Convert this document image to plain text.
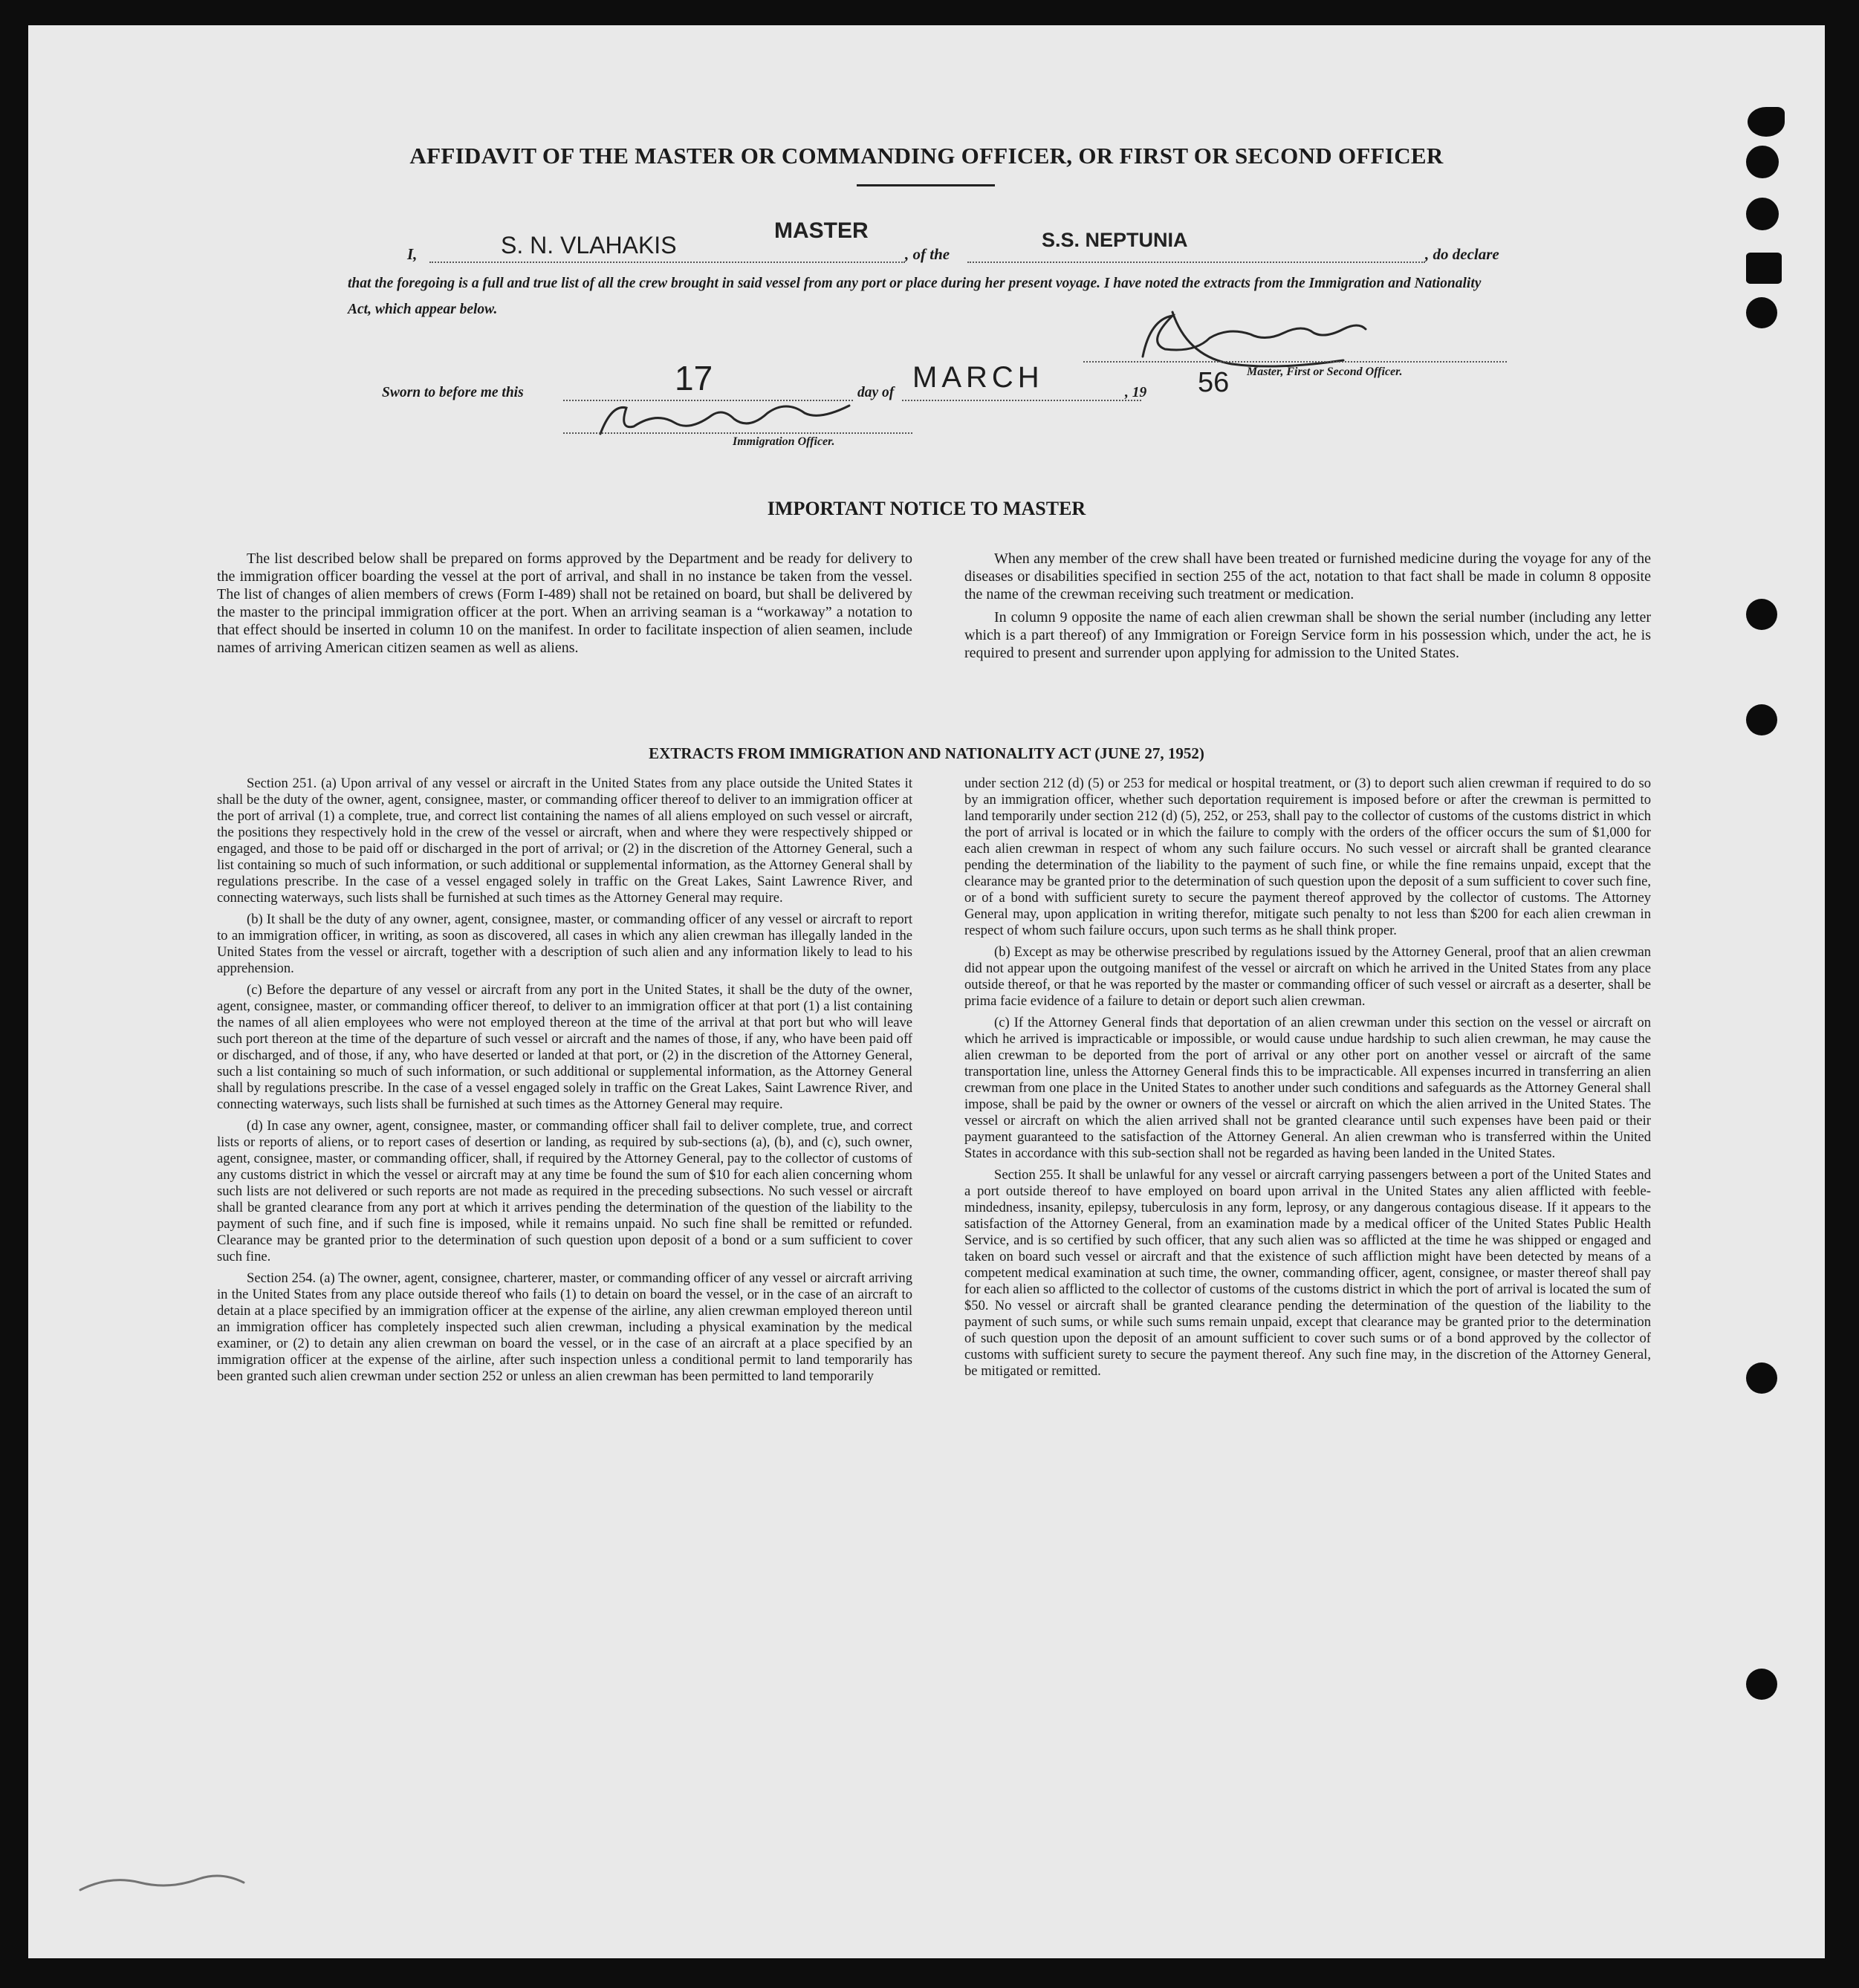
AFFIDAVIT OF THE MASTER OR COMMANDING OFFICER, OR FIRST OR SECOND OFFICER
I,	S. N. VLAHAKIS
MASTER
, of the
S.S. NEPTUNIA
, do declare
that the foregoing is a full and true list of all the crew brought in said vessel from any port or place during her present voyage. I have noted the extracts from the Immigration and Nationality Act, which appear below.
Master, First or Second Officer.
Sworn to before me this	17	day of MARCH	, 19 56
Immigration Officer.
IMPORTANT NOTICE TO MASTER

The list described below shall be prepared on forms approved by the Department and be ready for delivery to the immigration officer boarding the vessel at the port of arrival, and shall in no instance be taken from the vessel. The list of changes of alien members of crews (Form I-489) shall not be retained on board, but shall be delivered by the master to the principal immigration officer at the port. When an arriving seaman is a “workaway” a notation to that effect should be inserted in column 10 on the manifest. In order to facilitate inspection of alien seamen, include names of arriving American citizen seamen as well as aliens.

When any member of the crew shall have been treated or furnished medicine during the voyage for any of the diseases or disabilities specified in section 255 of the act, notation to that fact shall be made in column 8 opposite the name of the crewman receiving such treatment or medication.

In column 9 opposite the name of each alien crewman shall be shown the serial number (including any letter which is a part thereof) of any Immigration or Foreign Service form in his possession which, under the act, he is required to present and surrender upon applying for admission to the United States.

EXTRACTS FROM IMMIGRATION AND NATIONALITY ACT (JUNE 27, 1952)

Section 251. (a) Upon arrival of any vessel or aircraft in the United States from any place outside the United States it shall be the duty of the owner, agent, consignee, master, or commanding officer thereof to deliver to an immigration officer at the port of arrival (1) a complete, true, and correct list containing the names of all aliens employed on such vessel or aircraft, the positions they respectively hold in the crew of the vessel or aircraft, when and where they were respectively shipped or engaged, and those to be paid off or discharged in the port of arrival; or (2) in the discretion of the Attorney General, such a list containing so much of such information, or such additional or supplemental information, as the Attorney General shall by regulations prescribe. In the case of a vessel engaged solely in traffic on the Great Lakes, Saint Lawrence River, and connecting waterways, such lists shall be furnished at such times as the Attorney General may require.

(b) It shall be the duty of any owner, agent, consignee, master, or commanding officer of any vessel or aircraft to report to an immigration officer, in writing, as soon as discovered, all cases in which any alien crewman has illegally landed in the United States from the vessel or aircraft, together with a description of such alien and any information likely to lead to his apprehension.

(c) Before the departure of any vessel or aircraft from any port in the United States, it shall be the duty of the owner, agent, consignee, master, or commanding officer thereof, to deliver to an immigration officer at that port (1) a list containing the names of all alien employees who were not employed thereon at the time of the arrival at that port but who will leave such port thereon at the time of the departure of such vessel or aircraft and the names of those, if any, who have been paid off or discharged, and of those, if any, who have deserted or landed at that port, or (2) in the discretion of the Attorney General, such a list containing so much of such information, or such additional or supplemental information, as the Attorney General shall by regulations prescribe. In the case of a vessel engaged solely in traffic on the Great Lakes, Saint Lawrence River, and connecting waterways, such lists shall be furnished at such times as the Attorney General may require.

(d) In case any owner, agent, consignee, master, or commanding officer shall fail to deliver complete, true, and correct lists or reports of aliens, or to report cases of desertion or landing, as required by sub-sections (a), (b), and (c), such owner, agent, consignee, master, or commanding officer, shall, if required by the Attorney General, pay to the collector of customs of any customs district in which the vessel or aircraft may at any time be found the sum of $10 for each alien concerning whom such lists are not delivered or such reports are not made as required in the preceding subsections. No such vessel or aircraft shall be granted clearance from any port at which it arrives pending the determination of the question of the liability to the payment of such fine, and if such fine is imposed, while it remains unpaid. No such fine shall be remitted or refunded. Clearance may be granted prior to the determination of such question upon deposit of a bond or a sum sufficient to cover such fine.

Section 254. (a) The owner, agent, consignee, charterer, master, or commanding officer of any vessel or aircraft arriving in the United States from any place outside thereof who fails (1) to detain on board the vessel, or in the case of an aircraft to detain at a place specified by an immigration officer at the expense of the airline, any alien crewman employed thereon until an immigration officer has completely inspected such alien crewman, including a physical examination by the medical examiner, or (2) to detain any alien crewman on board the vessel, or in the case of an aircraft at a place specified by an immigration officer at the expense of the airline, after such inspection unless a conditional permit to land temporarily has been granted such alien crewman under section 252 or unless an alien crewman has been permitted to land temporarily

under section 212 (d) (5) or 253 for medical or hospital treatment, or (3) to deport such alien crewman if required to do so by an immigration officer, whether such deportation requirement is imposed before or after the crewman is permitted to land temporarily under section 212 (d) (5), 252, or 253, shall pay to the collector of customs of the customs district in which the port of arrival is located or in which the failure to comply with the orders of the officer occurs the sum of $1,000 for each alien crewman in respect of whom any such failure occurs. No such vessel or aircraft shall be granted clearance pending the determination of the liability to the payment of such fine, or while the fine remains unpaid, except that the clearance may be granted prior to the determination of such question upon the deposit of a sum sufficient to cover such fine, or of a bond with sufficient surety to secure the payment thereof approved by the collector of customs. The Attorney General may, upon application in writing therefor, mitigate such penalty to not less than $200 for each alien crewman in respect of whom such failure occurs, upon such terms as he shall think proper.

(b) Except as may be otherwise prescribed by regulations issued by the Attorney General, proof that an alien crewman did not appear upon the outgoing manifest of the vessel or aircraft on which he arrived in the United States from any place outside thereof, or that he was reported by the master or commanding officer of such vessel or aircraft as a deserter, shall be prima facie evidence of a failure to detain or deport such alien crewman.

(c) If the Attorney General finds that deportation of an alien crewman under this section on the vessel or aircraft on which he arrived is impracticable or impossible, or would cause undue hardship to such alien crewman, he may cause the alien crewman to be deported from the port of arrival or any other port on another vessel or aircraft of the same transportation line, unless the Attorney General finds this to be impracticable. All expenses incurred in transferring an alien crewman from one place in the United States to another under such conditions and safeguards as the Attorney General shall impose, shall be paid by the owner or owners of the vessel or aircraft on which the alien arrived in the United States. The vessel or aircraft on which the alien arrived shall not be granted clearance until such expenses have been paid or their payment guaranteed to the satisfaction of the Attorney General. An alien crewman who is transferred within the United States in accordance with this sub-section shall not be regarded as having been landed in the United States.

Section 255. It shall be unlawful for any vessel or aircraft carrying passengers between a port of the United States and a port outside thereof to have employed on board upon arrival in the United States any alien afflicted with feeble-mindedness, insanity, epilepsy, tuberculosis in any form, leprosy, or any dangerous contagious disease. If it appears to the satisfaction of the Attorney General, from an examination made by a medical officer of the United States Public Health Service, and is so certified by such officer, that any such alien was so afflicted at the time he was shipped or engaged and taken on board such vessel or aircraft and that the existence of such affliction might have been detected by means of a competent medical examination at such time, the owner, commanding officer, agent, consignee, or master thereof shall pay for each alien so afflicted to the collector of customs of the customs district in which the port of arrival is located the sum of $50. No vessel or aircraft shall be granted clearance pending the determination of the question of the liability to the payment of such sums, or while such sums remain unpaid, except that clearance may be granted prior to the determination of such question upon the deposit of an amount sufficient to cover such sums or of a bond approved by the collector of customs with sufficient surety to secure the payment thereof. Any such fine may, in the discretion of the Attorney General, be mitigated or remitted.
